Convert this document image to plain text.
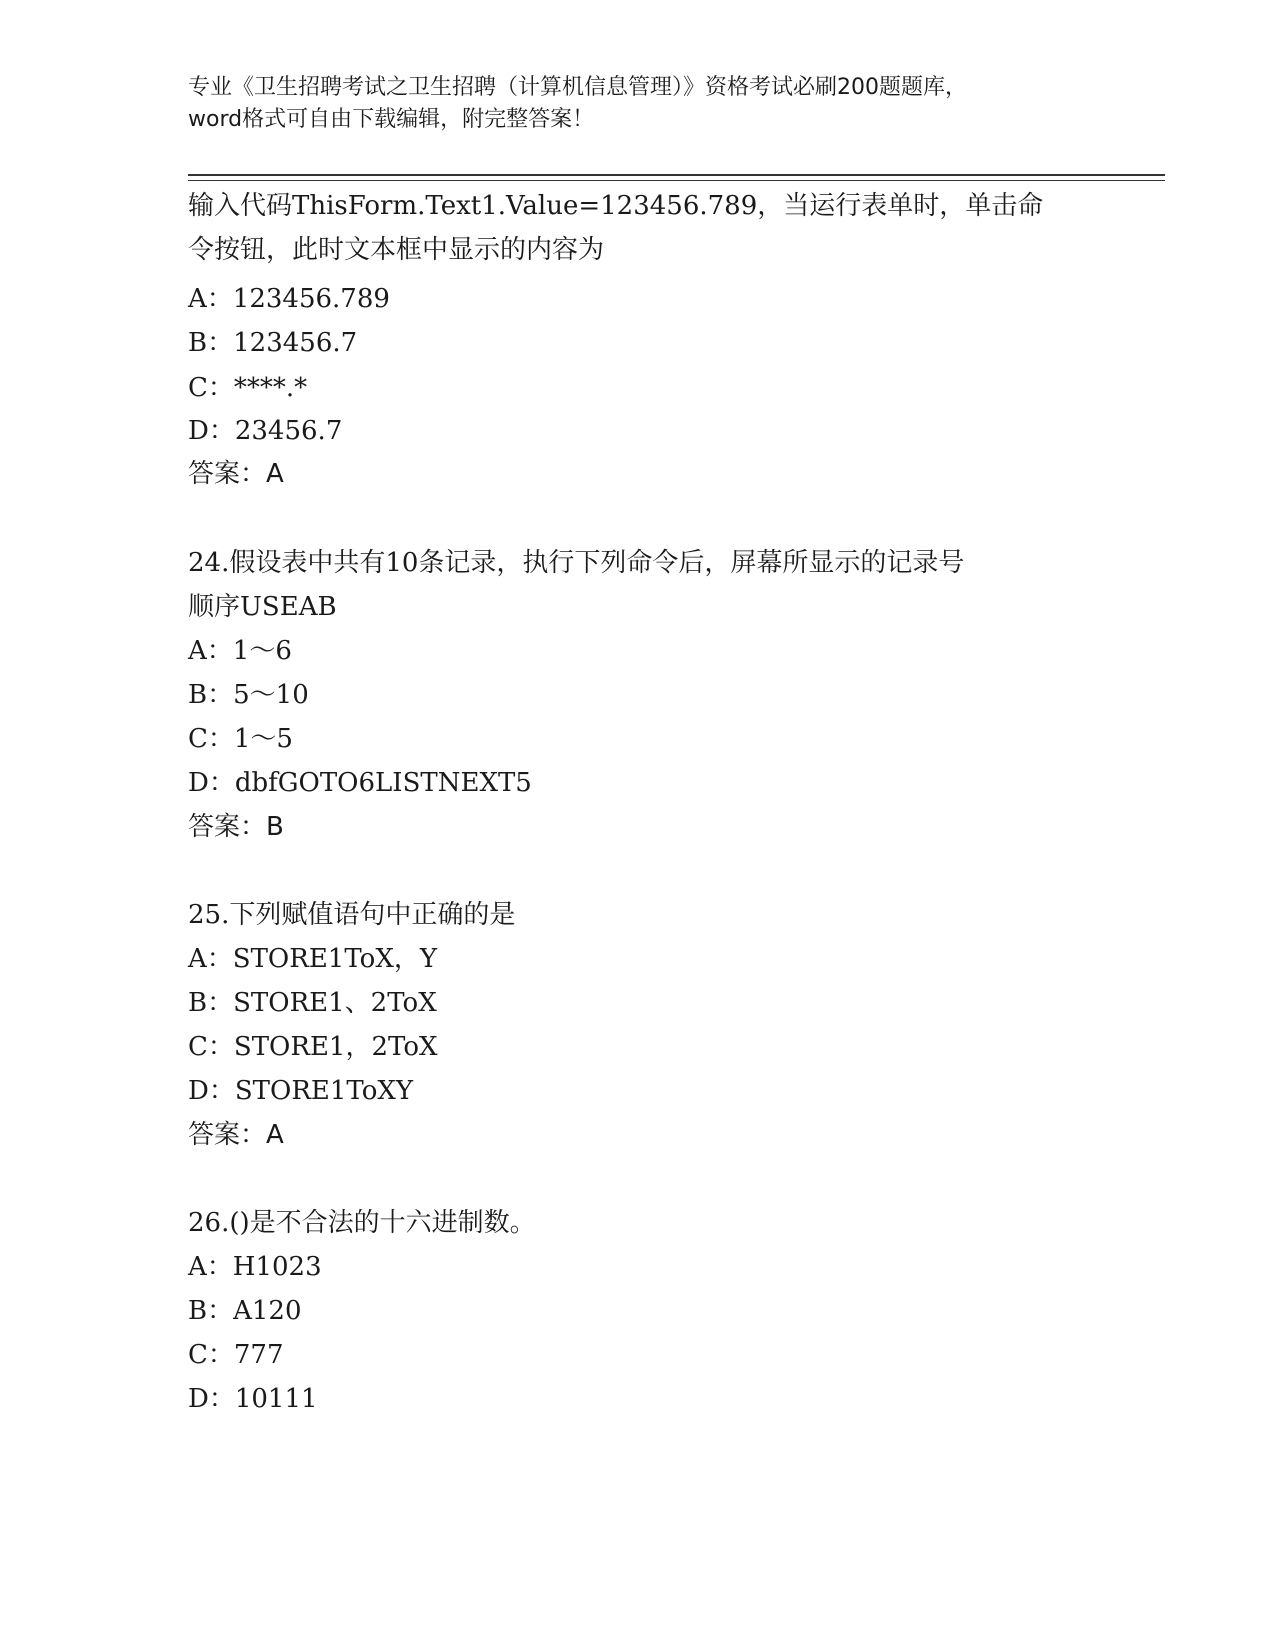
专业《卫生招聘考试之卫生招聘（计算机信息管理）》资格考试必刷200题题库，
word格式可自由下载编辑，附完整答案！
输入代码ThisForm.Text1.Value=123456.789，当运行表单时，单击命
令按钮，此时文本框中显示的内容为
A：123456.789
B：123456.7
C：****.*
D：23456.7
答案：A
24.假设表中共有10条记录，执行下列命令后，屏幕所显示的记录号
顺序USEAB
A：1～6
B：5～10
C：1～5
D：dbfGOTO6LISTNEXT5
答案：B
25.下列赋值语句中正确的是
A：STORE1ToX，Y
B：STORE1、2ToX
C：STORE1，2ToX
D：STORE1ToXY
答案：A
26.()是不合法的十六进制数。
A：H1023
B：A120
C：777
D：10111
